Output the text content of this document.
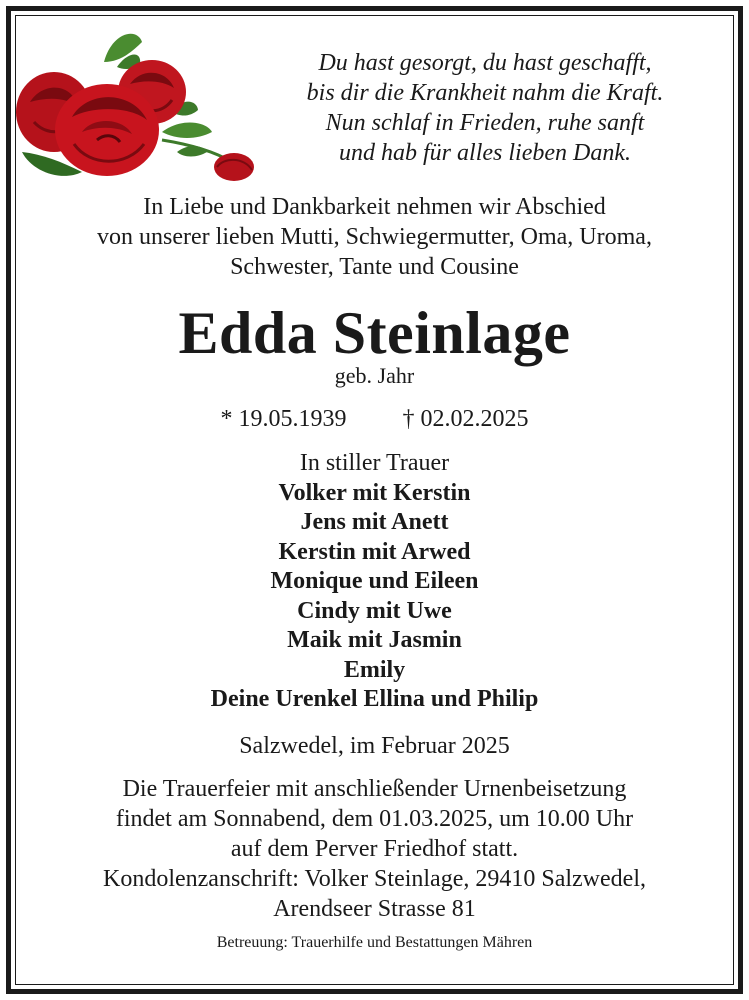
Du hast gesorgt, du hast geschafft,
bis dir die Krankheit nahm die Kraft.
Nun schlaf in Frieden, ruhe sanft
und hab für alles lieben Dank.
In Liebe und Dankbarkeit nehmen wir Abschied
von unserer lieben Mutti, Schwiegermutter, Oma, Uroma,
Schwester, Tante und Cousine
Edda Steinlage
geb. Jahr
* 19.05.1939 † 02.02.2025
In stiller Trauer
Volker mit Kerstin
Jens mit Anett
Kerstin mit Arwed
Monique und Eileen
Cindy mit Uwe
Maik mit Jasmin
Emily
Deine Urenkel Ellina und Philip
Salzwedel, im Februar 2025
Die Trauerfeier mit anschließender Urnenbeisetzung
findet am Sonnabend, dem 01.03.2025, um 10.00 Uhr
auf dem Perver Friedhof statt.
Kondolenzanschrift: Volker Steinlage, 29410 Salzwedel,
Arendseer Strasse 81
Betreuung: Trauerhilfe und Bestattungen Mähren
